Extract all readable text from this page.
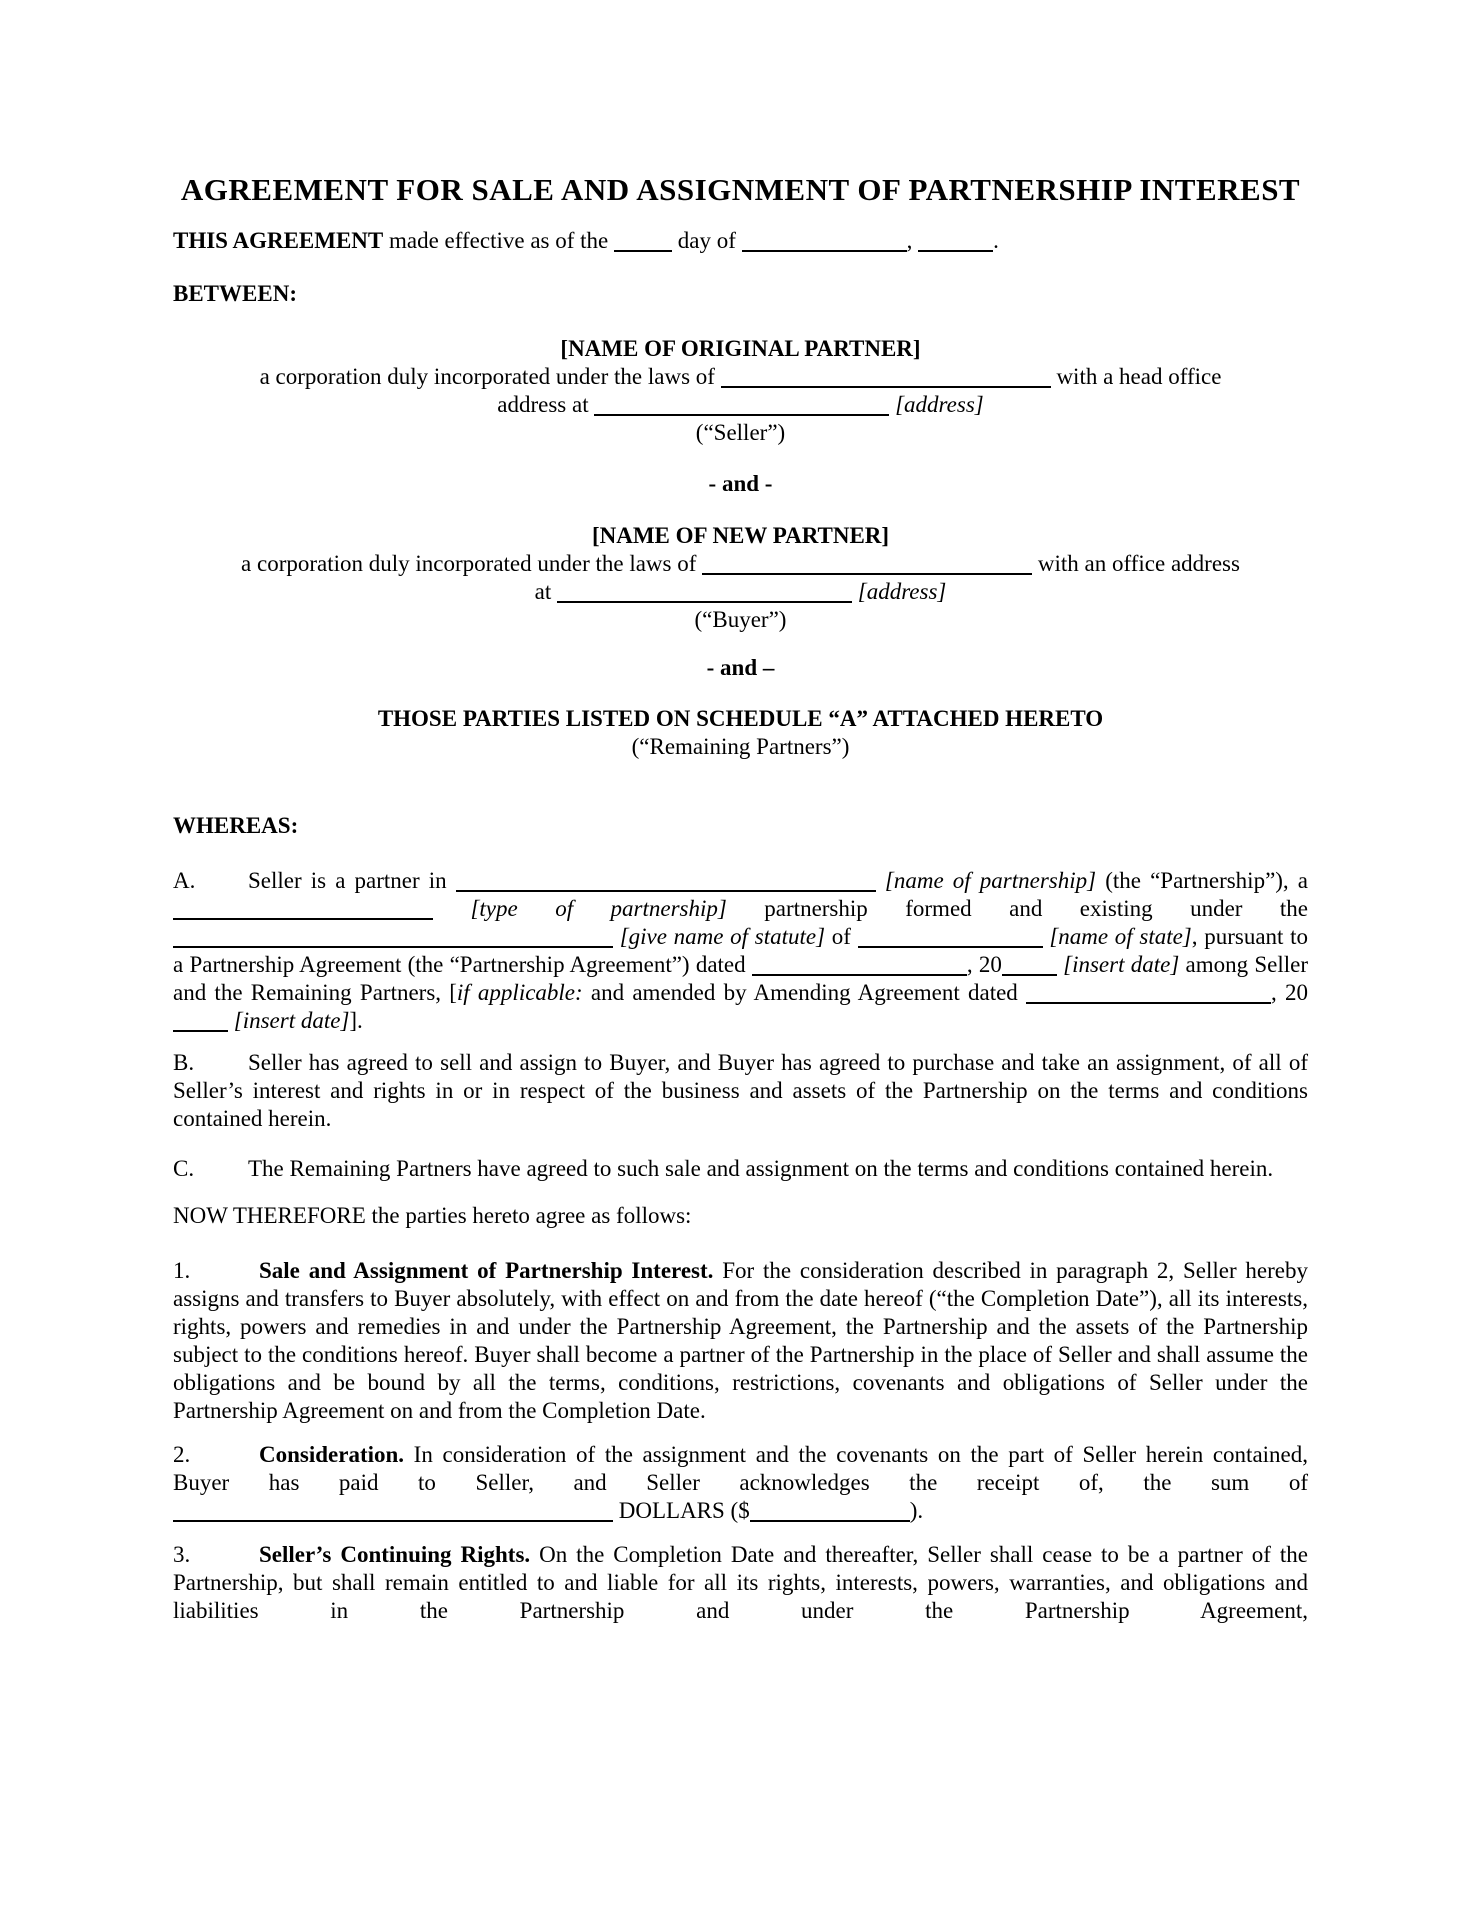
AGREEMENT FOR SALE AND ASSIGNMENT OF PARTNERSHIP INTEREST

THIS AGREEMENT made effective as of the	day of	,	.

BETWEEN:

[NAME OF ORIGINAL PARTNER]
a corporation duly incorporated under the laws of	with a head office
address at	[address]
(“Seller”)
- and -
[NAME OF NEW PARTNER]
a corporation duly incorporated under the laws of	with an office address
at	[address]
(“Buyer”)
- and –
THOSE PARTIES LISTED ON SCHEDULE “A” ATTACHED HERETO
(“Remaining Partners”)

WHEREAS:

A. Seller is a partner in	[name of partnership] (the “Partnership”), a  [type of partnership] partnership formed and existing under the  [give name of statute] of	[name of state], pursuant to a Partnership Agreement (the “Partnership Agreement”) dated	, 20	[insert date] among Seller and the Remaining Partners, [if applicable: and amended by Amending Agreement dated	, 20 [insert date]].

B. Seller has agreed to sell and assign to Buyer, and Buyer has agreed to purchase and take an assignment, of all of Seller’s interest and rights in or in respect of the business and assets of the Partnership on the terms and conditions contained herein.

C. The Remaining Partners have agreed to such sale and assignment on the terms and conditions contained herein.

NOW THEREFORE the parties hereto agree as follows:

1.	Sale and Assignment of Partnership Interest. For the consideration described in paragraph 2, Seller hereby assigns and transfers to Buyer absolutely, with effect on and from the date hereof (“the Completion Date”), all its interests, rights, powers and remedies in and under the Partnership Agreement, the Partnership and the assets of the Partnership subject to the conditions hereof. Buyer shall become a partner of the Partnership in the place of Seller and shall assume the obligations and be bound by all the terms, conditions, restrictions, covenants and obligations of Seller under the Partnership Agreement on and from the Completion Date.

2.	Consideration. In consideration of the assignment and the covenants on the part of Seller herein contained, Buyer has paid to Seller, and Seller acknowledges the receipt of, the sum of  DOLLARS ($	).

3.	Seller’s Continuing Rights. On the Completion Date and thereafter, Seller shall cease to be a partner of the Partnership, but shall remain entitled to and liable for all its rights, interests, powers, warranties, and obligations and liabilities in the Partnership and under the Partnership Agreement,
